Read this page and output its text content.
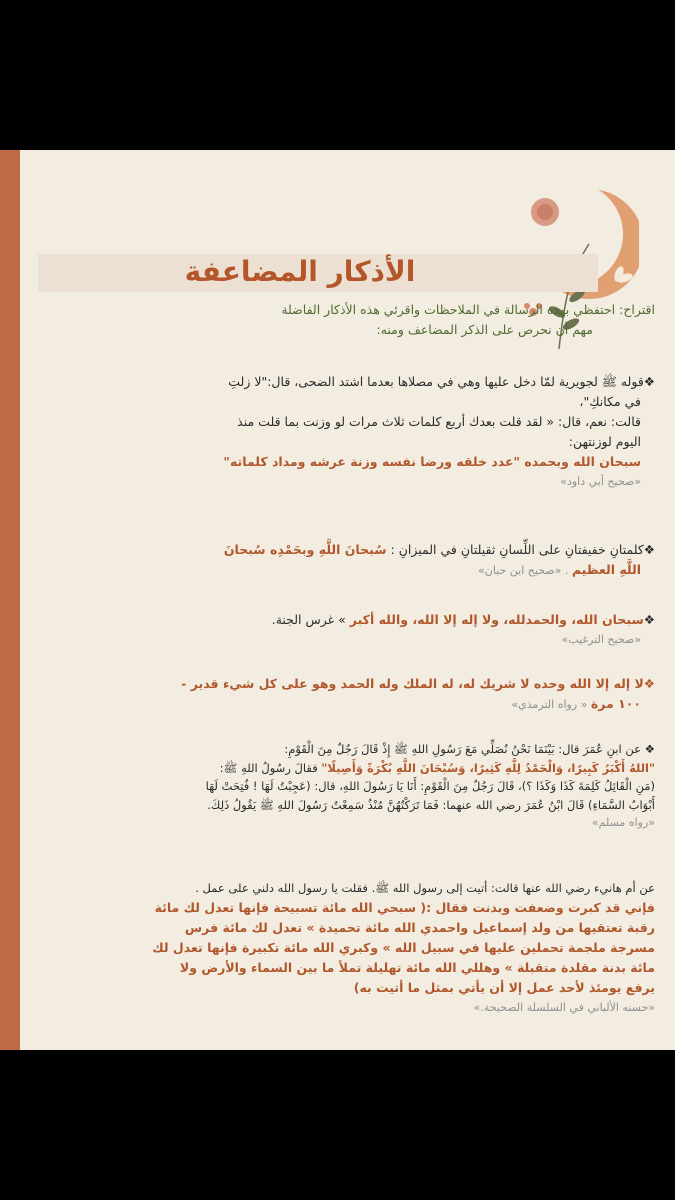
الأذكار المضاعفة

اقتراح: احتفظي بهذه الرسالة في الملاحظات واقرئي هذه الأذكار الفاضلة

مهم أن نحرص على الذكر المضاعف ومنه:

❖قوله ﷺ لجويرية لمّا دخل عليها وهي في مصلاها بعدما اشتد الضحى، قال:"لا زلتِ

في مكانكِ"،

قالت: نعم، قال: « لقد قلت بعدك أربع كلمات ثلاث مرات لو وزنت بما قلت منذ

اليوم لوزنتهن:

سبحان الله وبحمده "عدد خلقه ورضا نفسه وزنة عرشه ومداد كلماته"

«صحيح أبي داود»

❖كلمتانِ خفيفتانِ على اللِّسانِ ثقيلتانِ في الميزانِ : سُبحانَ اللَّهِ وبحَمْدِه سُبحانَ

اللَّهِ العظيم . «صحيح ابن حبان»

❖سبحان الله، والحمدلله، ولا إله إلا الله، والله أكبر » غرس الجنة.

«صحيح الترغيب»

❖لا إله إلا الله وحده لا شريك له، له الملك وله الحمد وهو على كل شيء قدير -

١٠٠ مرة « رواه الترمذي»

❖ عن ابنِ عُمَرَ قال: بَيْنَمَا نَحْنُ نُصَلِّي مَعَ رَسُولِ اللهِ ﷺ إِذْ قَالَ رَجُلٌ مِنَ الْقَوْمِ:

"اللهُ أَكْبَرُ كَبِيرًا، وَالْحَمْدُ لِلَّهِ كَثِيرًا، وَسُبْحَانَ اللَّهِ بُكْرَةً وَأَصِيلًا" فقالَ رسُولُ اللهِ ﷺ:

(مَنِ الْقَائِلُ كَلِمَةَ كَذَا وَكَذَا ؟)، قَالَ رَجُلٌ مِنَ الْقَوْمِ: أَنَا يَا رَسُولَ اللهِ، قال: (عَجِبْتُ لَهَا ! فُتِحَتْ لَهَا

أَبْوَابُ السَّمَاءِ) قَالَ ابْنُ عُمَرَ رضي الله عنهما: فَمَا تَرَكْتُهُنَّ مُنْذُ سَمِعْتُ رَسُولَ اللهِ ﷺ يَقُولُ ذَلِكَ.

«رواه مسلم»

عن أم هانيء رضي الله عنها قالت: أتيت إلى رسول الله ﷺ. فقلت يا رسول الله دلني على عمل .

فإني قد كبرت وضعفت وبدنت فقال :( سبحي الله مائة تسبيحة فإنها تعدل لك مائة

رقبة تعتقيها من ولد إسماعيل واحمدي الله مائة تحميدة » تعدل لك مائة فرس

مسرجة ملجمة تحملين عليها في سبيل الله » وكبري الله مائة تكبيرة فإنها تعدل لك

مائة بدنة مقلدة متقبلة » وهللي الله مائة تهليلة تملأ ما بين السماء والأرض ولا

يرفع يومئذ لأحد عمل إلا أن يأتي بمثل ما أتيت به)

«حسنه الألباني في السلسلة الصحيحة.»
